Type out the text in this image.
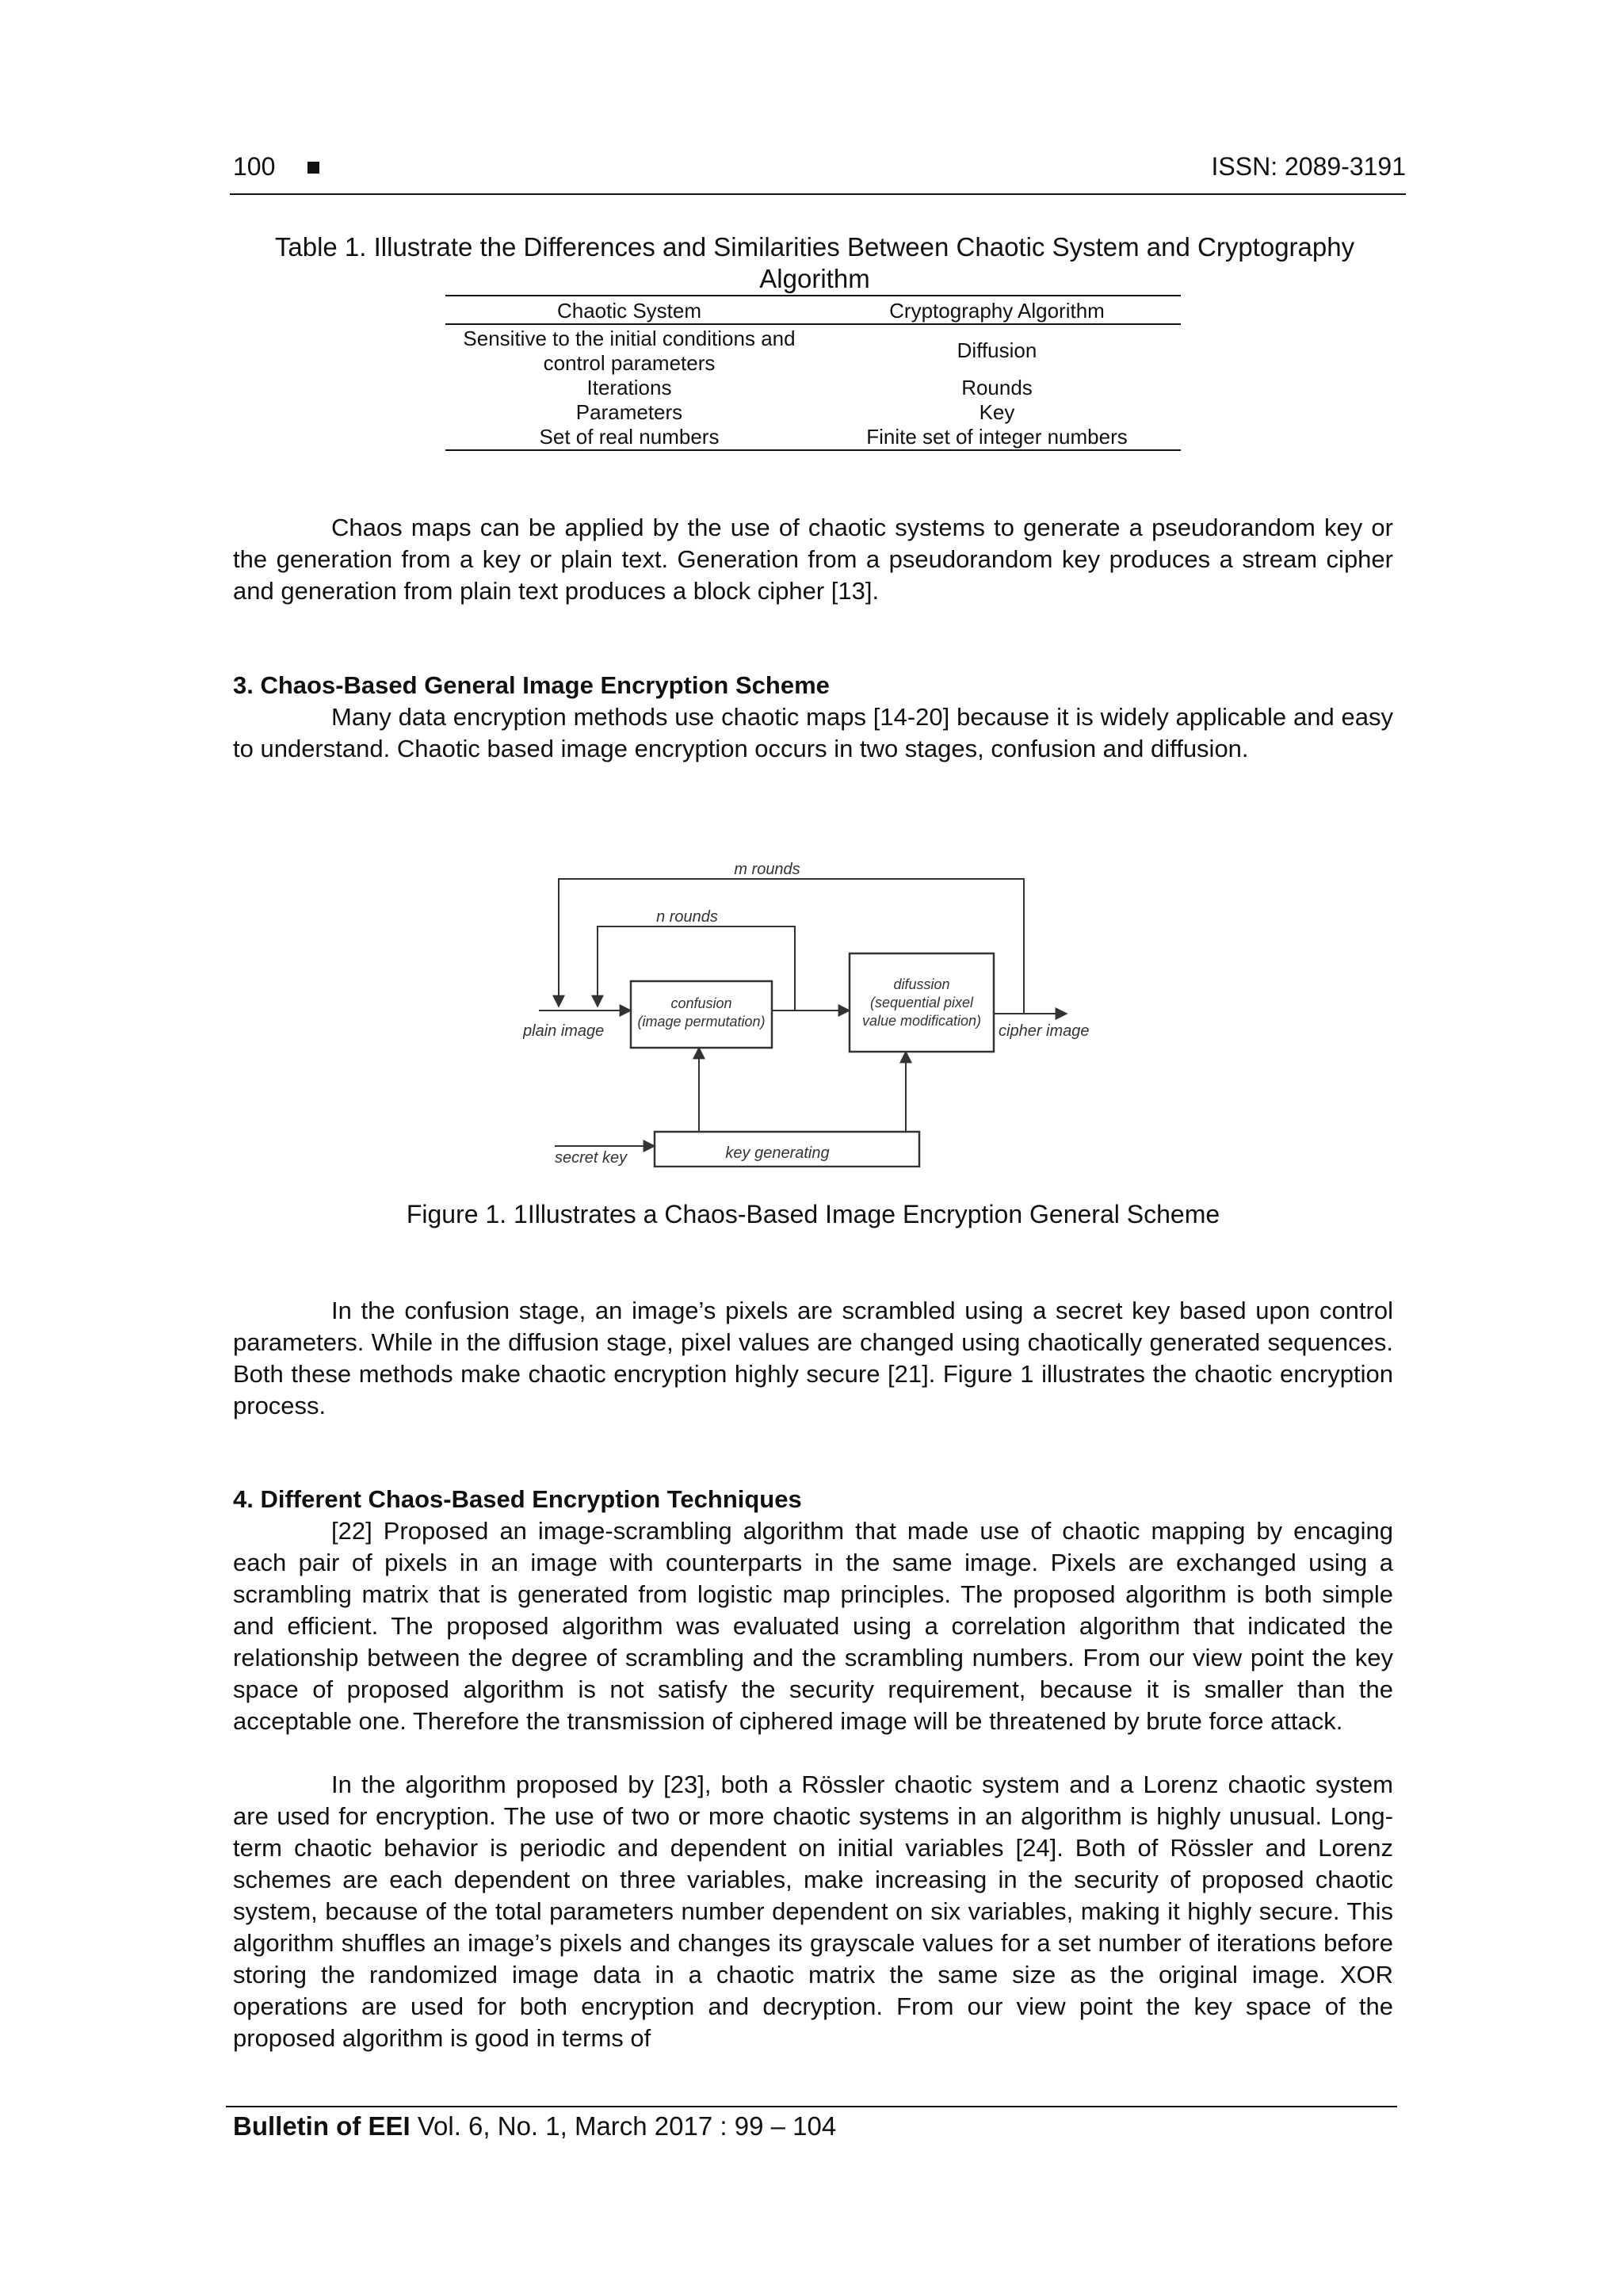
100	ISSN: 2089-3191
Table 1. Illustrate the Differences and Similarities Between Chaotic System and Cryptography Algorithm
Chaotic System	Cryptography Algorithm
Sensitive to the initial conditions and control parameters	Diffusion
Iterations	Rounds
Parameters	Key
Set of real numbers	Finite set of integer numbers

Chaos maps can be applied by the use of chaotic systems to generate a pseudorandom key or the generation from a key or plain text. Generation from a pseudorandom key produces a stream cipher and generation from plain text produces a block cipher [13].

3. Chaos-Based General Image Encryption Scheme

Many data encryption methods use chaotic maps [14-20] because it is widely applicable and easy to understand. Chaotic based image encryption occurs in two stages, confusion and diffusion.

m rounds
n rounds
plain image
confusion
(image permutation)
difussion
(sequential pixel
value modification)
cipher image
key generating
secret key
Figure 1. 1Illustrates a Chaos-Based Image Encryption General Scheme

In the confusion stage, an image’s pixels are scrambled using a secret key based upon control parameters. While in the diffusion stage, pixel values are changed using chaotically generated sequences. Both these methods make chaotic encryption highly secure [21]. Figure 1 illustrates the chaotic encryption process.

4. Different Chaos-Based Encryption Techniques

[22] Proposed an image-scrambling algorithm that made use of chaotic mapping by encaging each pair of pixels in an image with counterparts in the same image. Pixels are exchanged using a scrambling matrix that is generated from logistic map principles. The proposed algorithm is both simple and efficient. The proposed algorithm was evaluated using a correlation algorithm that indicated the relationship between the degree of scrambling and the scrambling numbers. From our view point the key space of proposed algorithm is not satisfy the security requirement, because it is smaller than the acceptable one. Therefore the transmission of ciphered image will be threatened by brute force attack.

In the algorithm proposed by [23], both a Rössler chaotic system and a Lorenz chaotic system are used for encryption. The use of two or more chaotic systems in an algorithm is highly unusual. Long-term chaotic behavior is periodic and dependent on initial variables [24]. Both of Rössler and Lorenz schemes are each dependent on three variables, make increasing in the security of proposed chaotic system, because of the total parameters number dependent on six variables, making it highly secure. This algorithm shuffles an image’s pixels and changes its grayscale values for a set number of iterations before storing the randomized image data in a chaotic matrix the same size as the original image. XOR operations are used for both encryption and decryption. From our view point the key space of the proposed algorithm is good in terms of

Bulletin of EEI Vol. 6, No. 1, March 2017 : 99 – 104
